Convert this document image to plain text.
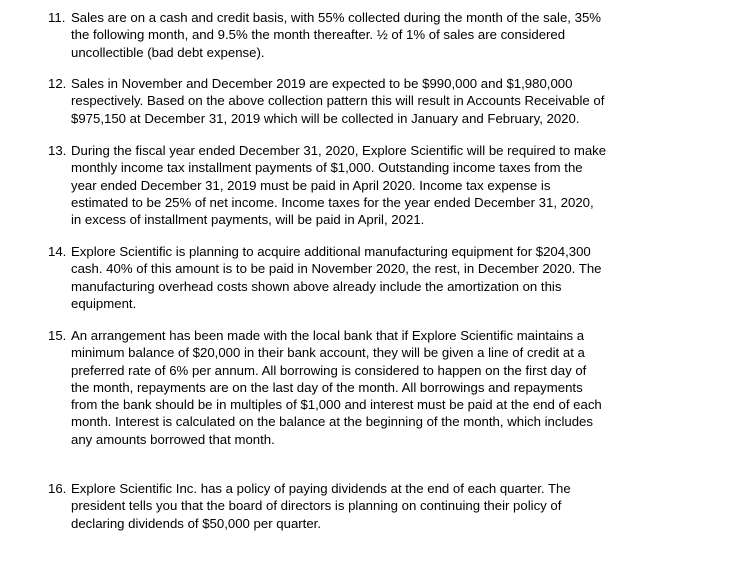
11. Sales are on a cash and credit basis, with 55% collected during the month of the sale, 35%
the following month, and 9.5% the month thereafter. ½ of 1% of sales are considered
uncollectible (bad debt expense).
12. Sales in November and December 2019 are expected to be $990,000 and $1,980,000
respectively. Based on the above collection pattern this will result in Accounts Receivable of
$975,150 at December 31, 2019 which will be collected in January and February, 2020.
13. During the fiscal year ended December 31, 2020, Explore Scientific will be required to make
monthly income tax installment payments of $1,000. Outstanding income taxes from the
year ended December 31, 2019 must be paid in April 2020. Income tax expense is
estimated to be 25% of net income. Income taxes for the year ended December 31, 2020,
in excess of installment payments, will be paid in April, 2021.
14. Explore Scientific is planning to acquire additional manufacturing equipment for $204,300
cash. 40% of this amount is to be paid in November 2020, the rest, in December 2020. The
manufacturing overhead costs shown above already include the amortization on this
equipment.
15. An arrangement has been made with the local bank that if Explore Scientific maintains a
minimum balance of $20,000 in their bank account, they will be given a line of credit at a
preferred rate of 6% per annum. All borrowing is considered to happen on the first day of
the month, repayments are on the last day of the month. All borrowings and repayments
from the bank should be in multiples of $1,000 and interest must be paid at the end of each
month. Interest is calculated on the balance at the beginning of the month, which includes
any amounts borrowed that month.
16. Explore Scientific Inc. has a policy of paying dividends at the end of each quarter. The
president tells you that the board of directors is planning on continuing their policy of
declaring dividends of $50,000 per quarter.
